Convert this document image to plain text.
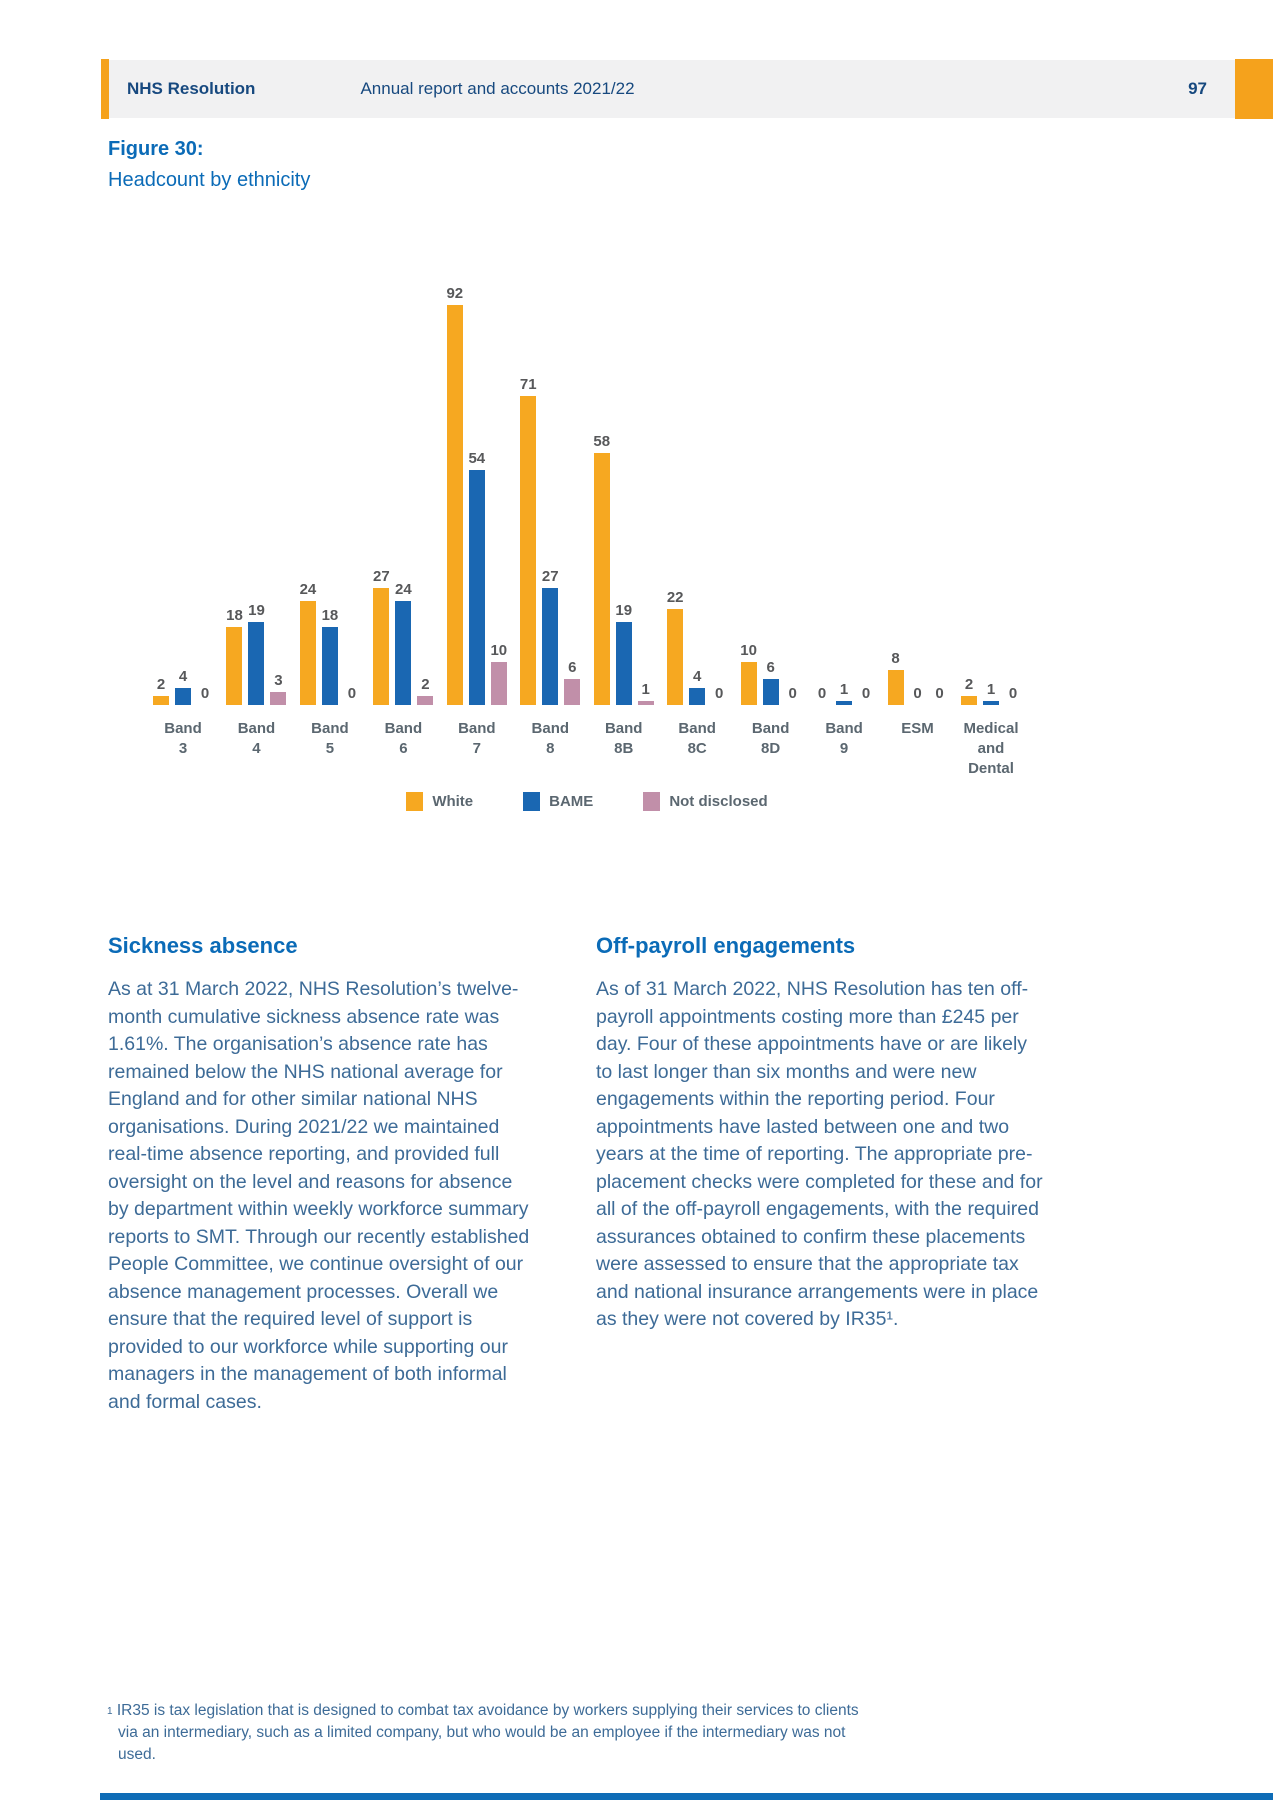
NHS Resolution	Annual report and accounts 2021/22	97
Figure 30:
Headcount by ethnicity
2
4
0
Band
3
18 19
3
Band
4
24
18
0
Band
5
27
24
2
Band
6
92
54
10
Band
7
71
27
6
Band
8
58
19
1
Band
8B
22
4
0
Band
8C
10
6
0
Band
8D
0 1 0
Band
9
8
0 0
ESM
2 1 0
Medical
and
Dental
White	BAME	Not disclosed
Sickness absence
As at 31 March 2022, NHS Resolution’s twelve-month cumulative sickness absence rate was 1.61%. The organisation’s absence rate has remained below the NHS national average for England and for other similar national NHS organisations. During 2021/22 we maintained real-time absence reporting, and provided full oversight on the level and reasons for absence by department within weekly workforce summary reports to SMT. Through our recently established People Committee, we continue oversight of our absence management processes. Overall we ensure that the required level of support is provided to our workforce while supporting our managers in the management of both informal and formal cases.
Off-payroll engagements
As of 31 March 2022, NHS Resolution has ten off-payroll appointments costing more than £245 per day. Four of these appointments have or are likely to last longer than six months and were new engagements within the reporting period. Four appointments have lasted between one and two years at the time of reporting. The appropriate pre-placement checks were completed for these and for all of the off-payroll engagements, with the required assurances obtained to confirm these placements were assessed to ensure that the appropriate tax and national insurance arrangements were in place as they were not covered by IR35¹.
$^1$ IR35 is tax legislation that is designed to combat tax avoidance by workers supplying their services to clients via an intermediary, such as a limited company, but who would be an employee if the intermediary was not used.
